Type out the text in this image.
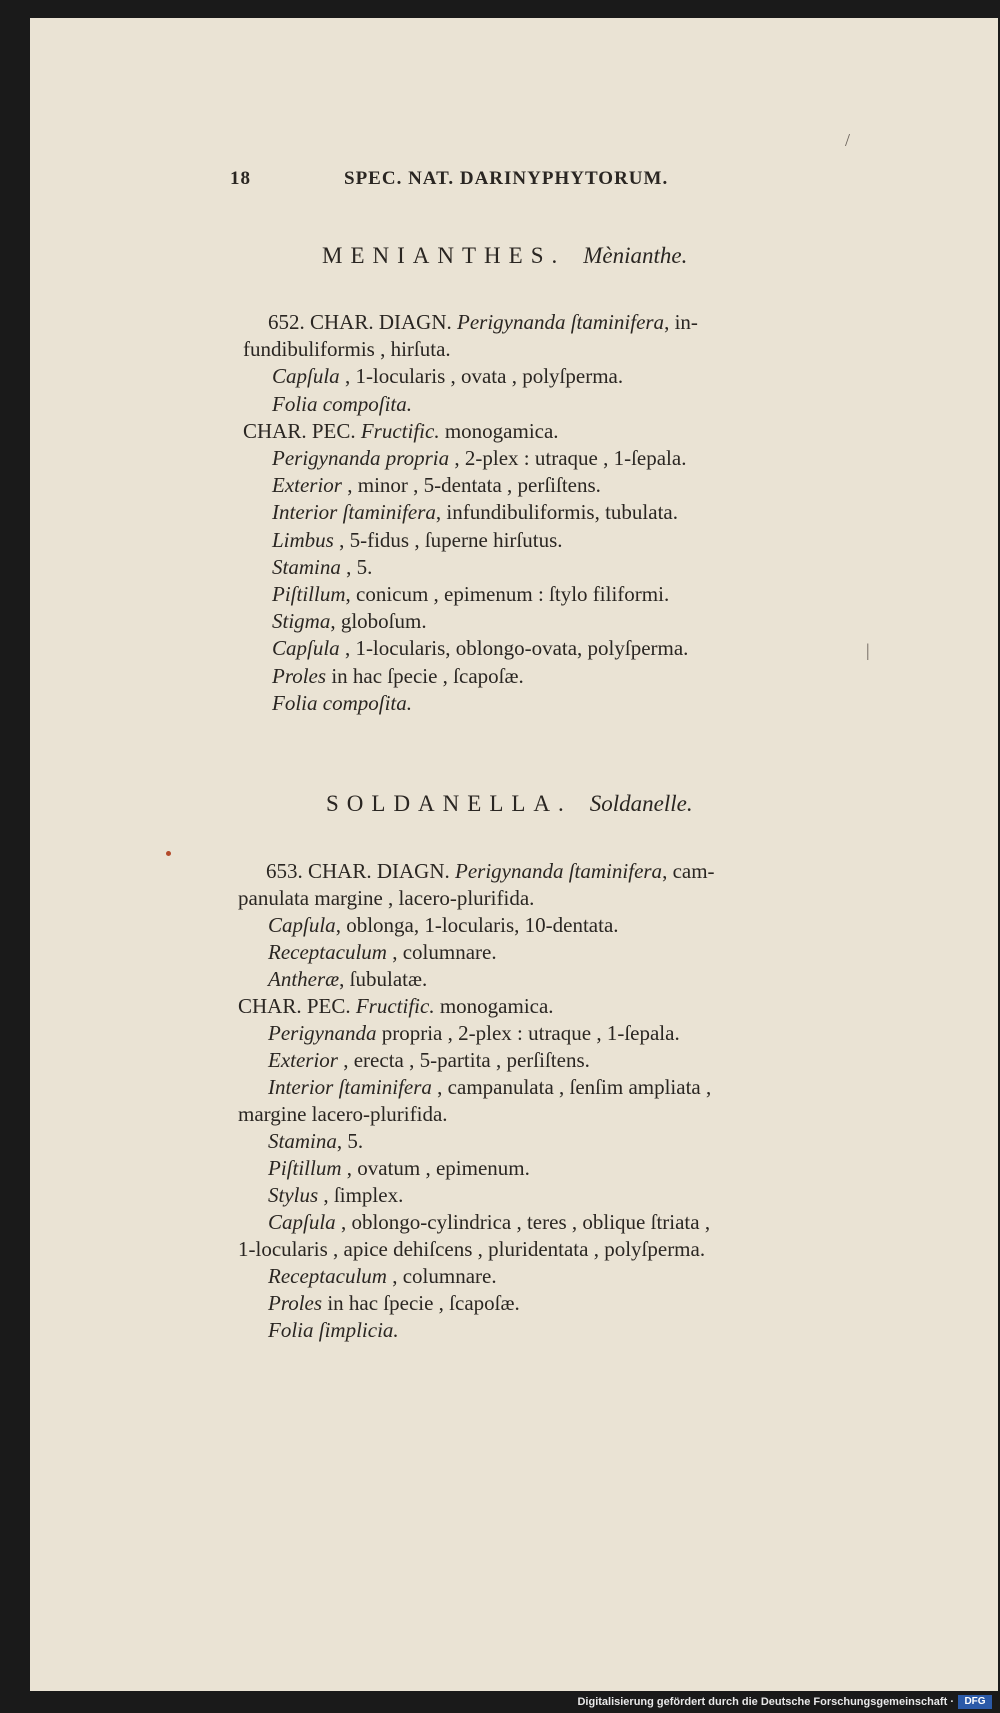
18	SPEC. NAT. DARINYPHYTORUM.
/
|
MENIANTHES. Mènianthe.
652. CHAR. DIAGN. Perigynanda ſtaminifera, in-
fundibuliformis , hirſuta.
Capſula , 1-locularis , ovata , polyſperma.
Folia compoſita.
CHAR. PEC. Fructific. monogamica.
Perigynanda propria , 2-plex : utraque , 1-ſepala.
Exterior , minor , 5-dentata , perſiſtens.
Interior ſtaminifera, infundibuliformis, tubulata.
Limbus , 5-fidus , ſuperne hirſutus.
Stamina , 5.
Piſtillum, conicum , epimenum : ſtylo filiformi.
Stigma, globoſum.
Capſula , 1-locularis, oblongo-ovata, polyſperma.
Proles in hac ſpecie , ſcapoſæ.
Folia compoſita.
SOLDANELLA. Soldanelle.
653. CHAR. DIAGN. Perigynanda ſtaminifera, cam-
panulata margine , lacero-plurifida.
Capſula, oblonga, 1-locularis, 10-dentata.
Receptaculum , columnare.
Antheræ, ſubulatæ.
CHAR. PEC. Fructific. monogamica.
Perigynanda propria , 2-plex : utraque , 1-ſepala.
Exterior , erecta , 5-partita , perſiſtens.
Interior ſtaminifera , campanulata , ſenſim ampliata ,
margine lacero-plurifida.
Stamina, 5.
Piſtillum , ovatum , epimenum.
Stylus , ſimplex.
Capſula , oblongo-cylindrica , teres , oblique ſtriata ,
1-locularis , apice dehiſcens , pluridentata , polyſperma.
Receptaculum , columnare.
Proles in hac ſpecie , ſcapoſæ.
Folia ſimplicia.
Digitalisierung gefördert durch die Deutsche Forschungsgemeinschaft ·	DFG
